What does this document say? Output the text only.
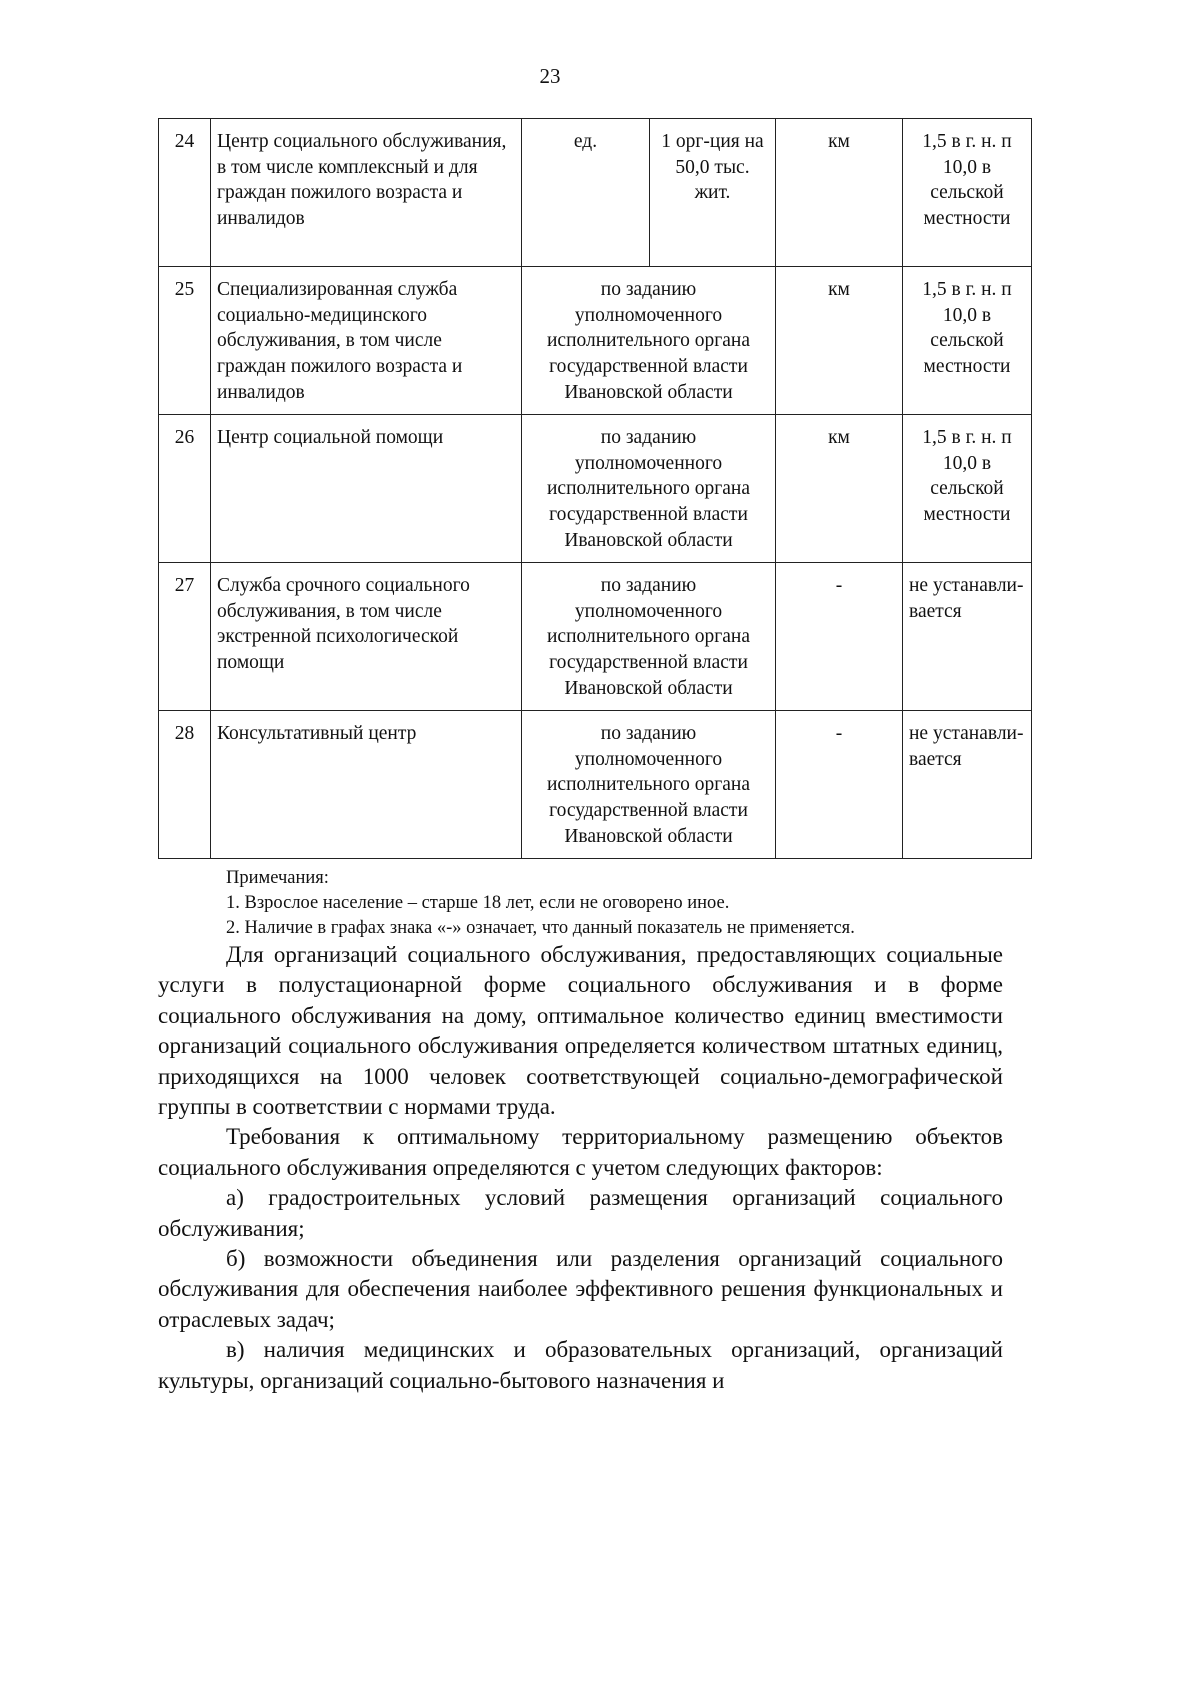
23
24	Центр социального обслуживания, в том числе комплексный и для граждан пожилого возраста и инвалидов	ед.	1 орг-ция на 50,0 тыс. жит.	км	1,5 в г. н. п 10,0 в сельской местности
25	Специализированная служба социально-медицинского обслуживания, в том числе граждан пожилого возраста и инвалидов	по заданию уполномоченного исполнительного органа государственной власти Ивановской области		км	1,5 в г. н. п 10,0 в сельской местности
26	Центр социальной помощи	по заданию уполномоченного исполнительного органа государственной власти Ивановской области		км	1,5 в г. н. п 10,0 в сельской местности
27	Служба срочного социального обслуживания, в том числе экстренной психологической помощи	по заданию уполномоченного исполнительного органа государственной власти Ивановской области		-	не устанавли-вается
28	Консультативный центр	по заданию уполномоченного исполнительного органа государственной власти Ивановской области		-	не устанавли-вается
Примечания:
1. Взрослое население – старше 18 лет, если не оговорено иное.
2. Наличие в графах знака «-» означает, что данный показатель не применяется.

Для организаций социального обслуживания, предоставляющих социальные услуги в полустационарной форме социального обслуживания и в форме социального обслуживания на дому, оптимальное количество единиц вместимости организаций социального обслуживания определяется количеством штатных единиц, приходящихся на 1000 человек соответствующей социально-демографической группы в соответствии с нормами труда.

Требования к оптимальному территориальному размещению объектов социального обслуживания определяются с учетом следующих факторов:

а) градостроительных условий размещения организаций социального обслуживания;

б) возможности объединения или разделения организаций социального обслуживания для обеспечения наиболее эффективного решения функциональных и отраслевых задач;

в) наличия медицинских и образовательных организаций, организаций культуры, организаций социально-бытового назначения и
